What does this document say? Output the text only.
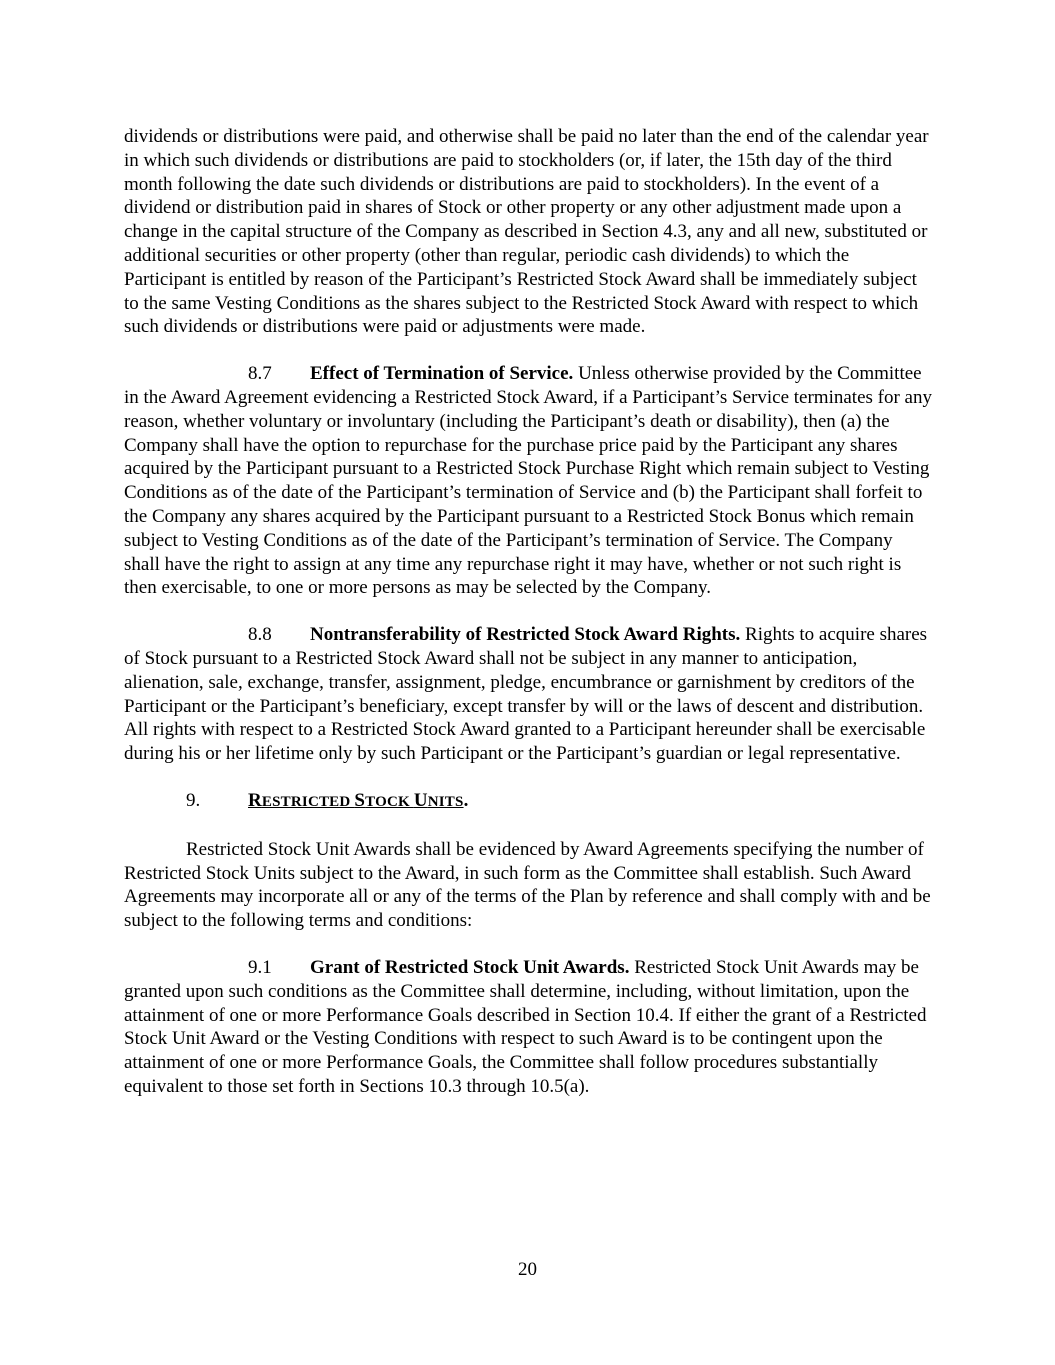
dividends or distributions were paid, and otherwise shall be paid no later than the end of the calendar year in which such dividends or distributions are paid to stockholders (or, if later, the 15th day of the third month following the date such dividends or distributions are paid to stockholders). In the event of a dividend or distribution paid in shares of Stock or other property or any other adjustment made upon a change in the capital structure of the Company as described in Section 4.3, any and all new, substituted or additional securities or other property (other than regular, periodic cash dividends) to which the Participant is entitled by reason of the Participant’s Restricted Stock Award shall be immediately subject to the same Vesting Conditions as the shares subject to the Restricted Stock Award with respect to which such dividends or distributions were paid or adjustments were made.

8.7 Effect of Termination of Service. Unless otherwise provided by the Committee in the Award Agreement evidencing a Restricted Stock Award, if a Participant’s Service terminates for any reason, whether voluntary or involuntary (including the Participant’s death or disability), then (a) the Company shall have the option to repurchase for the purchase price paid by the Participant any shares acquired by the Participant pursuant to a Restricted Stock Purchase Right which remain subject to Vesting Conditions as of the date of the Participant’s termination of Service and (b) the Participant shall forfeit to the Company any shares acquired by the Participant pursuant to a Restricted Stock Bonus which remain subject to Vesting Conditions as of the date of the Participant’s termination of Service. The Company shall have the right to assign at any time any repurchase right it may have, whether or not such right is then exercisable, to one or more persons as may be selected by the Company.

8.8 Nontransferability of Restricted Stock Award Rights. Rights to acquire shares of Stock pursuant to a Restricted Stock Award shall not be subject in any manner to anticipation, alienation, sale, exchange, transfer, assignment, pledge, encumbrance or garnishment by creditors of the Participant or the Participant’s beneficiary, except transfer by will or the laws of descent and distribution. All rights with respect to a Restricted Stock Award granted to a Participant hereunder shall be exercisable during his or her lifetime only by such Participant or the Participant’s guardian or legal representative.

9.	RESTRICTED STOCK UNITS.

Restricted Stock Unit Awards shall be evidenced by Award Agreements specifying the number of Restricted Stock Units subject to the Award, in such form as the Committee shall establish. Such Award Agreements may incorporate all or any of the terms of the Plan by reference and shall comply with and be subject to the following terms and conditions:

9.1 Grant of Restricted Stock Unit Awards. Restricted Stock Unit Awards may be granted upon such conditions as the Committee shall determine, including, without limitation, upon the attainment of one or more Performance Goals described in Section 10.4. If either the grant of a Restricted Stock Unit Award or the Vesting Conditions with respect to such Award is to be contingent upon the attainment of one or more Performance Goals, the Committee shall follow procedures substantially equivalent to those set forth in Sections 10.3 through 10.5(a).

20
